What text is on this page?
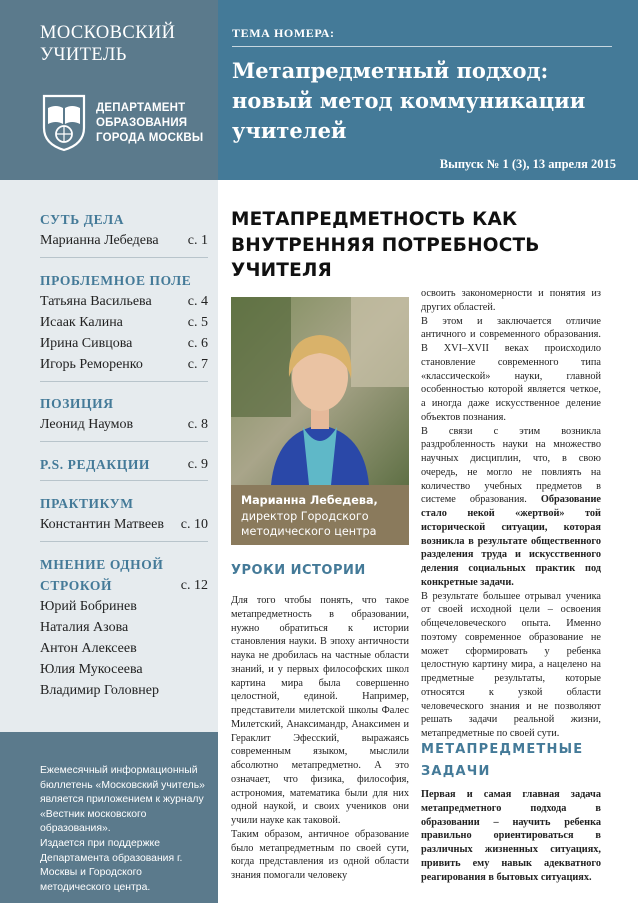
МОСКОВСКИЙ
УЧИТЕЛЬ
ДЕПАРТАМЕНТ
ОБРАЗОВАНИЯ
ГОРОДА МОСКВЫ
ТЕМА НОМЕРА:
Метапредметный подход: новый метод коммуникации учителей
Выпуск № 1 (3), 13 апреля 2015
СУТЬ ДЕЛА
Марианна Лебедева с. 1
ПРОБЛЕМНОЕ ПОЛЕ
Татьяна Васильева	с. 4
Исаак Калина	с. 5
Ирина Сивцова	с. 6
Игорь Реморенко	с. 7
ПОЗИЦИЯ
Леонид Наумов	с. 8
P.S. РЕДАКЦИИ	с. 9
ПРАКТИКУМ
Константин Матвеев с. 10
МНЕНИЕ ОДНОЙ
СТРОКОЙ	с. 12
Юрий Бобринев
Наталия Азова
Антон Алексеев
Юлия Мукосеева
Владимир Головнер

Ежемесячный информационный бюллетень «Московский учитель» является приложением к журналу «Вестник московского образования».

Издается при поддержке Департамента образования г. Москвы и Городского методического центра.

МЕТАПРЕДМЕТНОСТЬ КАК ВНУТРЕННЯЯ ПОТРЕБНОСТЬ УЧИТЕЛЯ
Марианна Лебедева,
директор Городского методического центра
УРОКИ ИСТОРИИ

Для того чтобы понять, что такое метапредметность в образовании, нужно обратиться к истории становления науки. В эпоху античности наука не дробилась на частные области знаний, и у первых философских школ картина мира была совершенно целостной, единой. Например, представители милетской школы Фалес Милетский, Анаксимандр, Анаксимен и Гераклит Эфесский, выражаясь современным языком, мыслили абсолютно метапредметно. А это означает, что физика, философия, астрономия, математика были для них одной наукой, и своих учеников они учили науке как таковой.

Таким образом, античное образование было метапредметным по своей сути, когда представления из одной области знания помогали человеку

освоить закономерности и понятия из других областей.

В этом и заключается отличие античного и современного образования. В XVI–XVII веках происходило становление современного типа «классической» науки, главной особенностью которой является четкое, а иногда даже искусственное деление объектов познания.

В связи с этим возникла раздробленность науки на множество научных дисциплин, что, в свою очередь, не могло не повлиять на количество учебных предметов в системе образования. Образование стало некой «жертвой» той исторической ситуации, которая возникла в результате общественного разделения труда и искусственного деления социальных практик под конкретные задачи.

В результате большее отрывал ученика от своей исходной цели – освоения общечеловеческого опыта. Именно поэтому современное образование не может сформировать у ребенка целостную картину мира, а нацелено на предметные результаты, которые относятся к узкой области человеческого знания и не позволяют решать задачи реальной жизни, метапредметные по своей сути.

МЕТАПРЕДМЕТНЫЕ ЗАДАЧИ
Первая и самая главная задача метапредметного подхода в образовании – научить ребенка правильно ориентироваться в различных жизненных ситуациях, привить ему навык адекватного реагирования в бытовых ситуациях.
